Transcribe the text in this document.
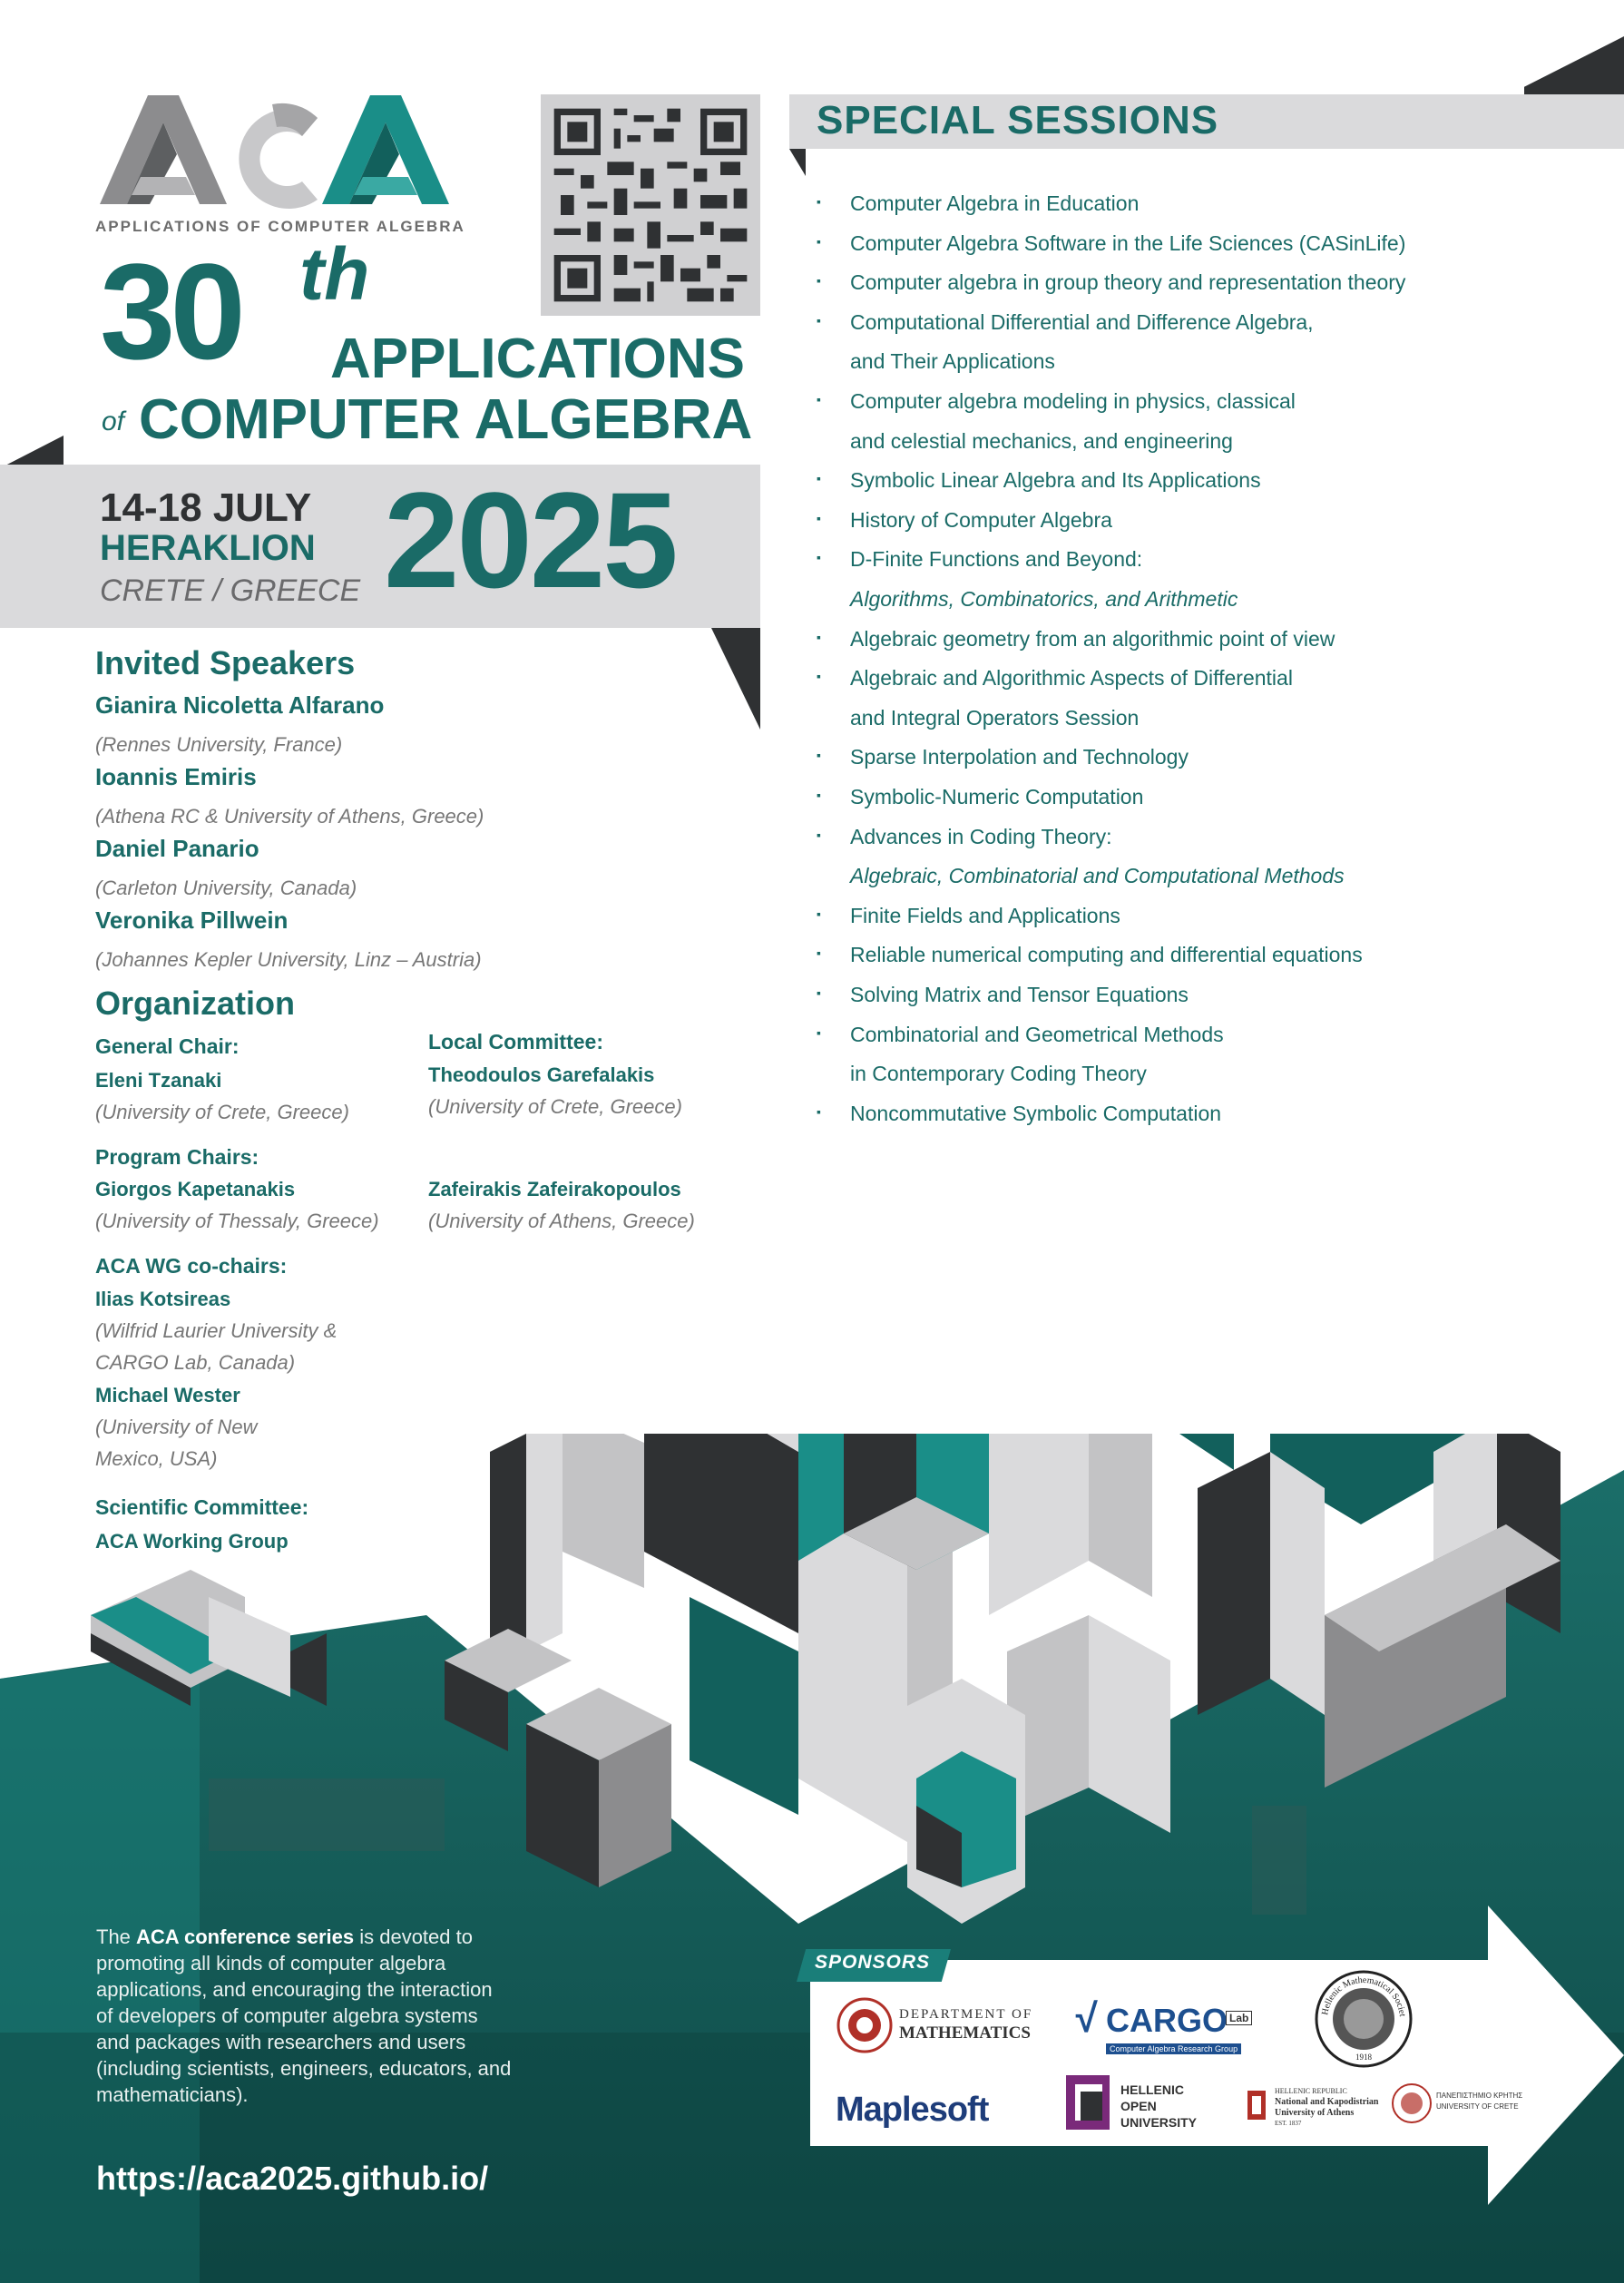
APPLICATIONS OF COMPUTER ALGEBRA
30 th
APPLICATIONS
of COMPUTER ALGEBRA
14-18 JULY
HERAKLION
CRETE / GREECE 2025
Invited Speakers
Gianira Nicoletta Alfarano
(Rennes University, France)
Ioannis Emiris
(Athena RC & University of Athens, Greece)
Daniel Panario
(Carleton University, Canada)
Veronika Pillwein
(Johannes Kepler University, Linz – Austria)
Organization
General Chair:
Eleni Tzanaki
(University of Crete, Greece)
Local Committee:
Theodoulos Garefalakis
(University of Crete, Greece)
Program Chairs:
Giorgos Kapetanakis
(University of Thessaly, Greece)
Zafeirakis Zafeirakopoulos
(University of Athens, Greece)
ACA WG co-chairs:
Ilias Kotsireas
(Wilfrid Laurier University &
CARGO Lab, Canada)
Michael Wester
(University of New
Mexico, USA)
Scientific Committee:
ACA Working Group
SPECIAL SESSIONS
▪ Computer Algebra in Education
▪ Computer Algebra Software in the Life Sciences (CASinLife)
▪ Computer algebra in group theory and representation theory
▪ Computational Differential and Difference Algebra,
and Their Applications
▪ Computer algebra modeling in physics, classical
and celestial mechanics, and engineering
▪ Symbolic Linear Algebra and Its Applications
▪ History of Computer Algebra
▪ D-Finite Functions and Beyond:
Algorithms, Combinatorics, and Arithmetic
▪ Algebraic geometry from an algorithmic point of view
▪ Algebraic and Algorithmic Aspects of Differential
and Integral Operators Session
▪ Sparse Interpolation and Technology
▪ Symbolic-Numeric Computation
▪ Advances in Coding Theory:
Algebraic, Combinatorial and Computational Methods
▪ Finite Fields and Applications
▪ Reliable numerical computing and differential equations
▪ Solving Matrix and Tensor Equations
▪ Combinatorial and Geometrical Methods
in Contemporary Coding Theory
▪ Noncommutative Symbolic Computation
The ACA conference series is devoted to promoting all kinds of computer algebra applications, and encouraging the interaction of developers of computer algebra systems and packages with researchers and users (including scientists, engineers, educators, and mathematicians).
https://aca2025.github.io/
DEPARTMENT OF
MATHEMATICS √ CARGO Lab
Computer Algebra Research Group
Hellenic Mathematical Societ
1918
Maplesoft
HELLENIC
OPEN
UNIVERSITY
HELLENIC REPUBLIC
National and Kapodistrian
University of Athens
EST. 1837
ΠΑΝΕΠΙΣΤΗΜΙΟ ΚΡΗΤΗΣ
UNIVERSITY OF CRETE
SPONSORS
